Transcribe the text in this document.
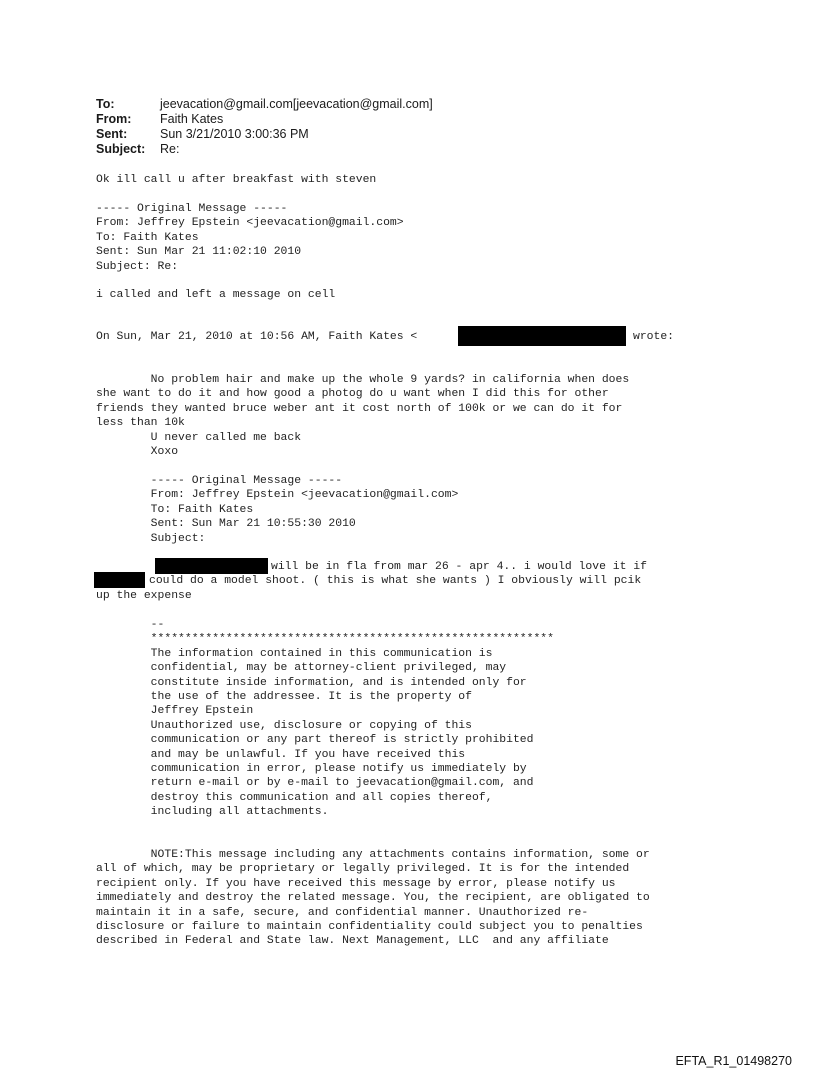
To:	jeevacation@gmail.com[jeevacation@gmail.com]
From: Faith Kates
Sent:	Sun 3/21/2010 3:00:36 PM
Subject: Re:
Ok ill call u after breakfast with steven
----- Original Message -----
From: Jeffrey Epstein <jeevacation@gmail.com>
To: Faith Kates
Sent: Sun Mar 21 11:02:10 2010
Subject: Re:
i called and left a message on cell
On Sun, Mar 21, 2010 at 10:56 AM, Faith Kates <	wrote:
No problem hair and make up the whole 9 yards? in california when does
she want to do it and how good a photog do u want when I did this for other
friends they wanted bruce weber ant it cost north of 100k or we can do it for
less than 10k
U never called me back
Xoxo
----- Original Message -----
From: Jeffrey Epstein <jeevacation@gmail.com>
To: Faith Kates
Sent: Sun Mar 21 10:55:30 2010
Subject:
will be in fla from mar 26 - apr 4.. i would love it if
could do a model shoot. ( this is what she wants ) I obviously will pcik
up the expense
--
***********************************************************
The information contained in this communication is
confidential, may be attorney-client privileged, may
constitute inside information, and is intended only for
the use of the addressee. It is the property of
Jeffrey Epstein
Unauthorized use, disclosure or copying of this
communication or any part thereof is strictly prohibited
and may be unlawful. If you have received this
communication in error, please notify us immediately by
return e-mail or by e-mail to jeevacation@gmail.com, and
destroy this communication and all copies thereof,
including all attachments.
NOTE:This message including any attachments contains information, some or
all of which, may be proprietary or legally privileged. It is for the intended
recipient only. If you have received this message by error, please notify us
immediately and destroy the related message. You, the recipient, are obligated to
maintain it in a safe, secure, and confidential manner. Unauthorized re-
disclosure or failure to maintain confidentiality could subject you to penalties
described in Federal and State law. Next Management, LLC  and any affiliate
EFTA_R1_01498270
